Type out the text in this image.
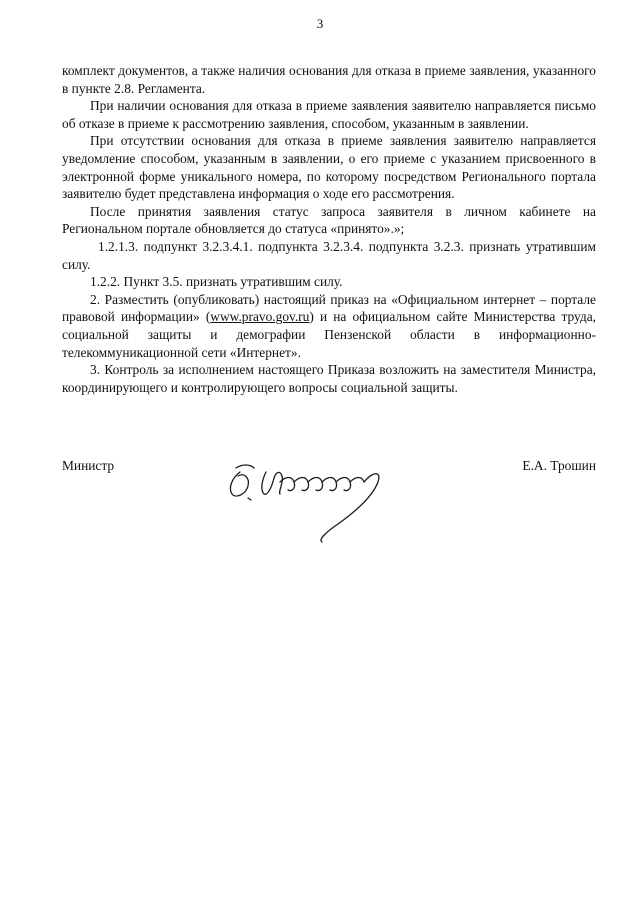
3

комплект документов, а также наличия основания для отказа в приеме заявления, указанного в пункте 2.8. Регламента.

При наличии основания для отказа в приеме заявления заявителю направляется письмо об отказе в приеме к рассмотрению заявления, способом, указанным в заявлении.

При отсутствии основания для отказа в приеме заявления заявителю направляется уведомление способом, указанным в заявлении, о его приеме с указанием присвоенного в электронной форме уникального номера, по которому посредством Регионального портала заявителю будет представлена информация о ходе его рассмотрения.

После принятия заявления статус запроса заявителя в личном кабинете на Региональном портале обновляется до статуса «принято».»;

1.2.1.3. подпункт 3.2.3.4.1. подпункта 3.2.3.4. подпункта 3.2.3. признать утратившим силу.

1.2.2. Пункт 3.5. признать утратившим силу.

2. Разместить (опубликовать) настоящий приказ на «Официальном интернет – портале правовой информации» (www.pravo.gov.ru) и на официальном сайте Министерства труда, социальной защиты и демографии Пензенской области в информационно-телекоммуникационной сети «Интернет».

3. Контроль за исполнением настоящего Приказа возложить на заместителя Министра, координирующего и контролирующего вопросы социальной защиты.

Министр	Е.А. Трошин
